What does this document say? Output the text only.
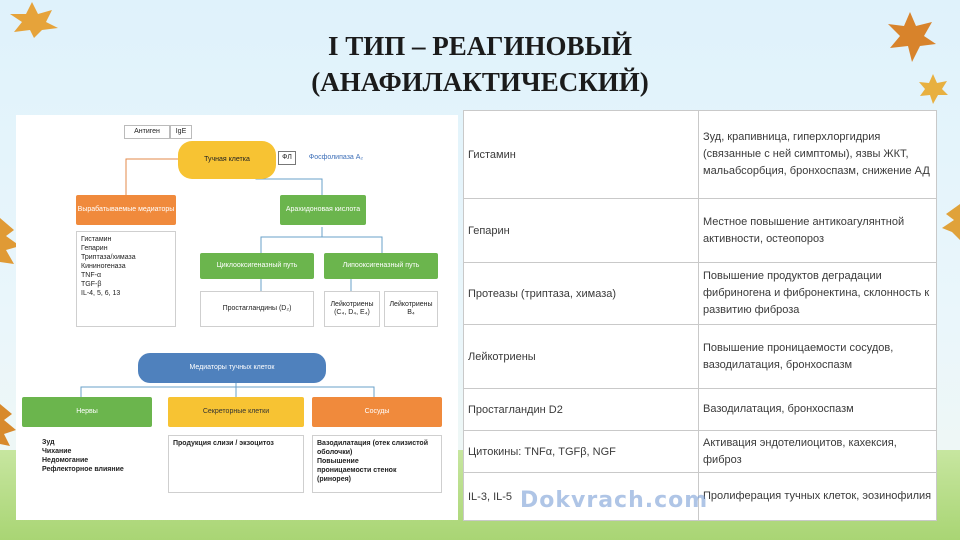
I ТИП – РЕАГИНОВЫЙ
(АНАФИЛАКТИЧЕСКИЙ)
Антиген	IgE
Тучная клетка	ФЛ	Фосфолипаза A₂
Вырабатываемые медиаторы	Арахидоновая кислота
Гистамин
Гепарин
Триптаза/химаза
Кининогеназа
TNF-α
TGF-β
IL-4, 5, 6, 13
Циклооксигеназный путь	Липооксигеназный путь
Простагландины (D₂)
Лейкотриены (C₄, D₄, E₄)
Лейкотриены B₄
Медиаторы тучных клеток
Нервы	Секреторные клетки	Сосуды
Зуд
Чихание
Недомогание
Рефлекторное влияние
Продукция слизи / экзоцитоз	Вазодилатация (отек слизистой оболочки)
Повышение
проницаемости стенок
(ринорея)
Гистамин	Зуд, крапивница, гиперхлоргидрия (связанные с ней симптомы), язвы ЖКТ, мальабсорбция, бронхоспазм, снижение АД
Гепарин	Местное повышение антикоагулянтной активности, остеопороз
Протеазы (триптаза, химаза)	Повышение продуктов деградации фибриногена и фибронектина, склонность к развитию фиброза
Лейкотриены	Повышение проницаемости сосудов, вазодилатация, бронхоспазм
Простагландин D2	Вазодилатация, бронхоспазм
Цитокины: TNFα, TGFβ, NGF	Активация эндотелиоцитов, кахексия, фиброз
IL-3, IL-5	Пролиферация тучных клеток, эозинофилия
Dokvrach.com
